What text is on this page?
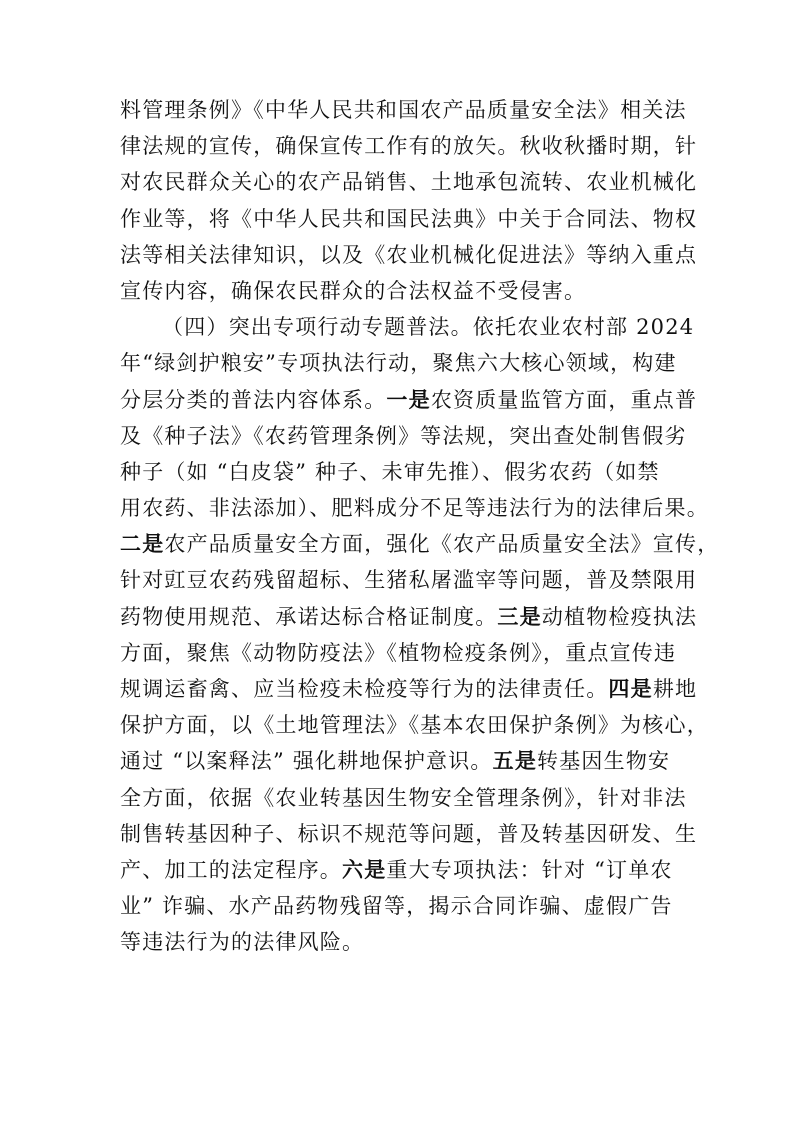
料管理条例》《中华人民共和国农产品质量安全法》相关法
律法规的宣传，确保宣传工作有的放矢。秋收秋播时期，针
对农民群众关心的农产品销售、土地承包流转、农业机械化
作业等，将《中华人民共和国民法典》中关于合同法、物权
法等相关法律知识，以及《农业机械化促进法》等纳入重点
宣传内容，确保农民群众的合法权益不受侵害。
（四）突出专项行动专题普法。依托农业农村部 2024
年“绿剑护粮安”专项执法行动，聚焦六大核心领域，构建
分层分类的普法内容体系。一是农资质量监管方面，重点普
及《种子法》《农药管理条例》等法规，突出查处制售假劣
种子（如 “白皮袋” 种子、未审先推）、假劣农药（如禁
用农药、非法添加）、肥料成分不足等违法行为的法律后果。
二是农产品质量安全方面，强化《农产品质量安全法》宣传，
针对豇豆农药残留超标、生猪私屠滥宰等问题，普及禁限用
药物使用规范、承诺达标合格证制度。三是动植物检疫执法
方面，聚焦《动物防疫法》《植物检疫条例》，重点宣传违
规调运畜禽、应当检疫未检疫等行为的法律责任。四是耕地
保护方面，以《土地管理法》《基本农田保护条例》为核心，
通过 “以案释法” 强化耕地保护意识。五是转基因生物安
全方面，依据《农业转基因生物安全管理条例》，针对非法
制售转基因种子、标识不规范等问题，普及转基因研发、生
产、加工的法定程序。六是重大专项执法：针对 “订单农
业” 诈骗、水产品药物残留等，揭示合同诈骗、虚假广告
等违法行为的法律风险。
